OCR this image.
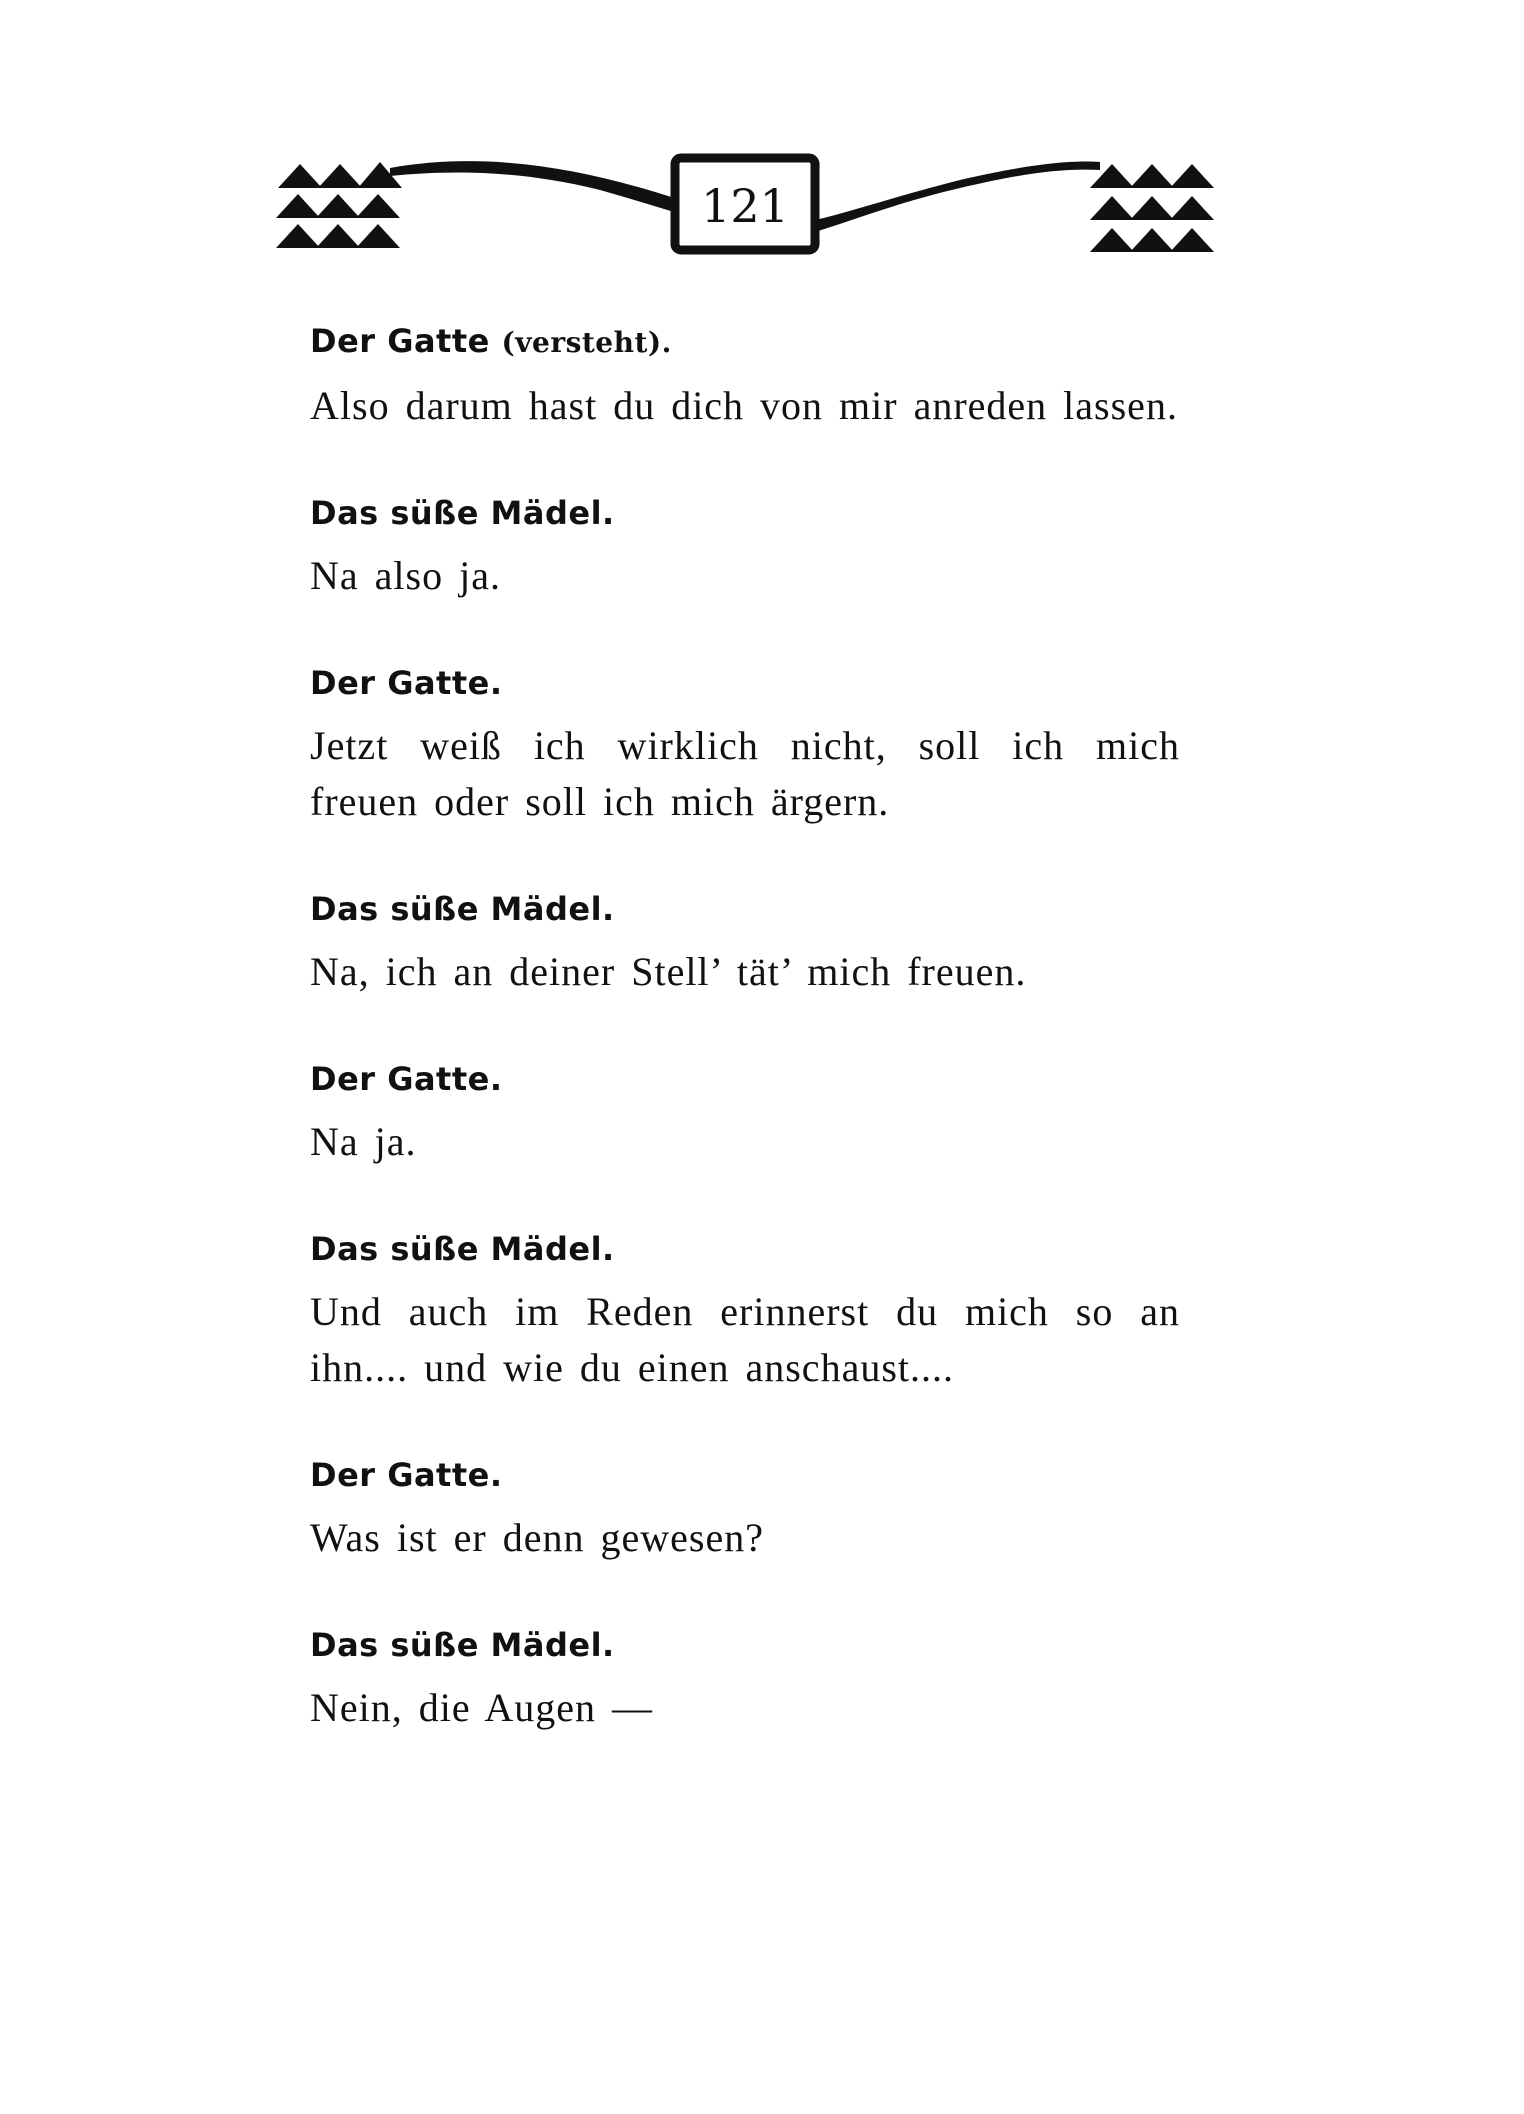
121
Der Gatte (versteht).
Also darum hast du dich von mir anreden lassen.
Das süße Mädel.
Na also ja.
Der Gatte.
Jetzt weiß ich wirklich nicht, soll ich mich freuen oder soll ich mich ärgern.
Das süße Mädel.
Na, ich an deiner Stell’ tät’ mich freuen.
Der Gatte.
Na ja.
Das süße Mädel.
Und auch im Reden erinnerst du mich so an ihn.... und wie du einen anschaust....
Der Gatte.
Was ist er denn gewesen?
Das süße Mädel.
Nein, die Augen —
